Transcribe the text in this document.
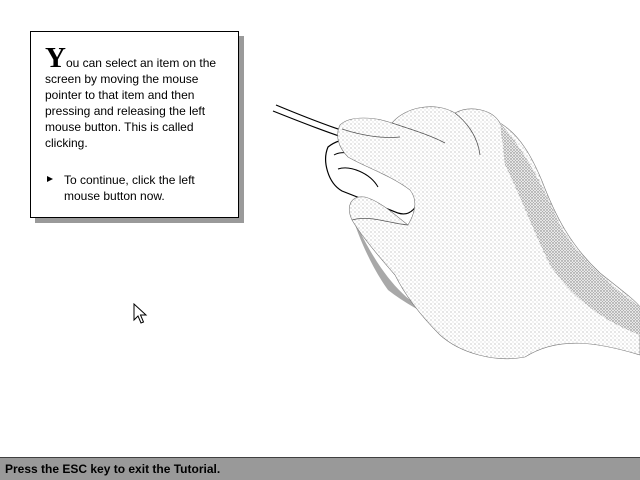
You can select an item on the screen by moving the mouse pointer to that item and then pressing and releasing the left mouse button. This is called clicking.
To continue, click the left mouse button now.
Press the ESC key to exit the Tutorial.
